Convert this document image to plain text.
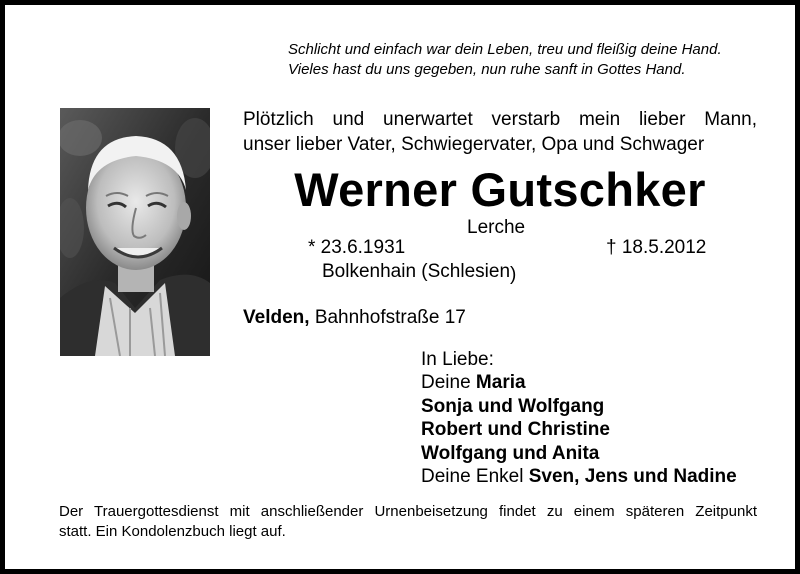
Schlicht und einfach war dein Leben, treu und fleißig deine Hand.
Vieles hast du uns gegeben, nun ruhe sanft in Gottes Hand.
Plötzlich und unerwartet verstarb mein lieber Mann,
unser lieber Vater, Schwiegervater, Opa und Schwager
Werner Gutschker
Lerche
* 23.6.1931	† 18.5.2012
Bolkenhain (Schlesien)
Velden, Bahnhofstraße 17
In Liebe:
Deine Maria
Sonja und Wolfgang
Robert und Christine
Wolfgang und Anita
Deine Enkel Sven, Jens und Nadine
Der Trauergottesdienst mit anschließender Urnenbeisetzung findet zu einem späteren Zeitpunkt
statt. Ein Kondolenzbuch liegt auf.
